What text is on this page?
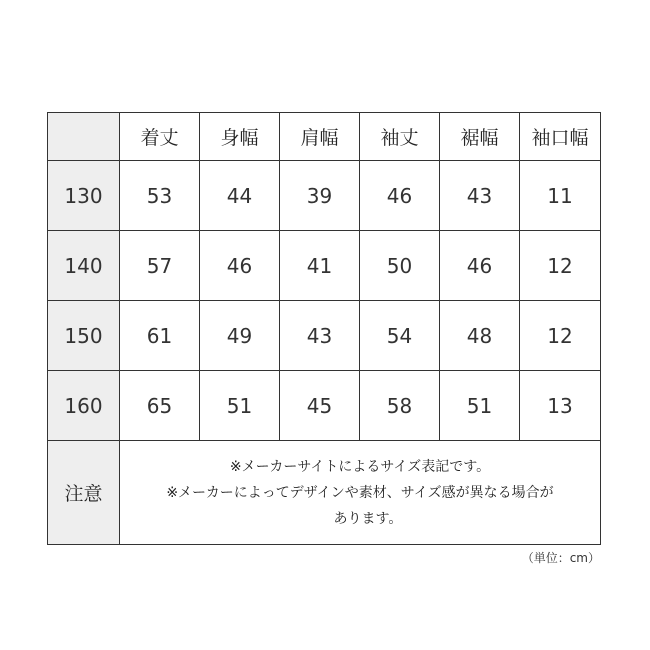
	着丈	身幅	肩幅	袖丈	裾幅	袖口幅
130	53	44	39	46	43	11
140	57	46	41	50	46	12
150	61	49	43	54	48	12
160	65	51	45	58	51	13
注意	※メーカーサイトによるサイズ表記です。
※メーカーによってデザインや素材、サイズ感が異なる場合が
あります。					
（単位：cm）
